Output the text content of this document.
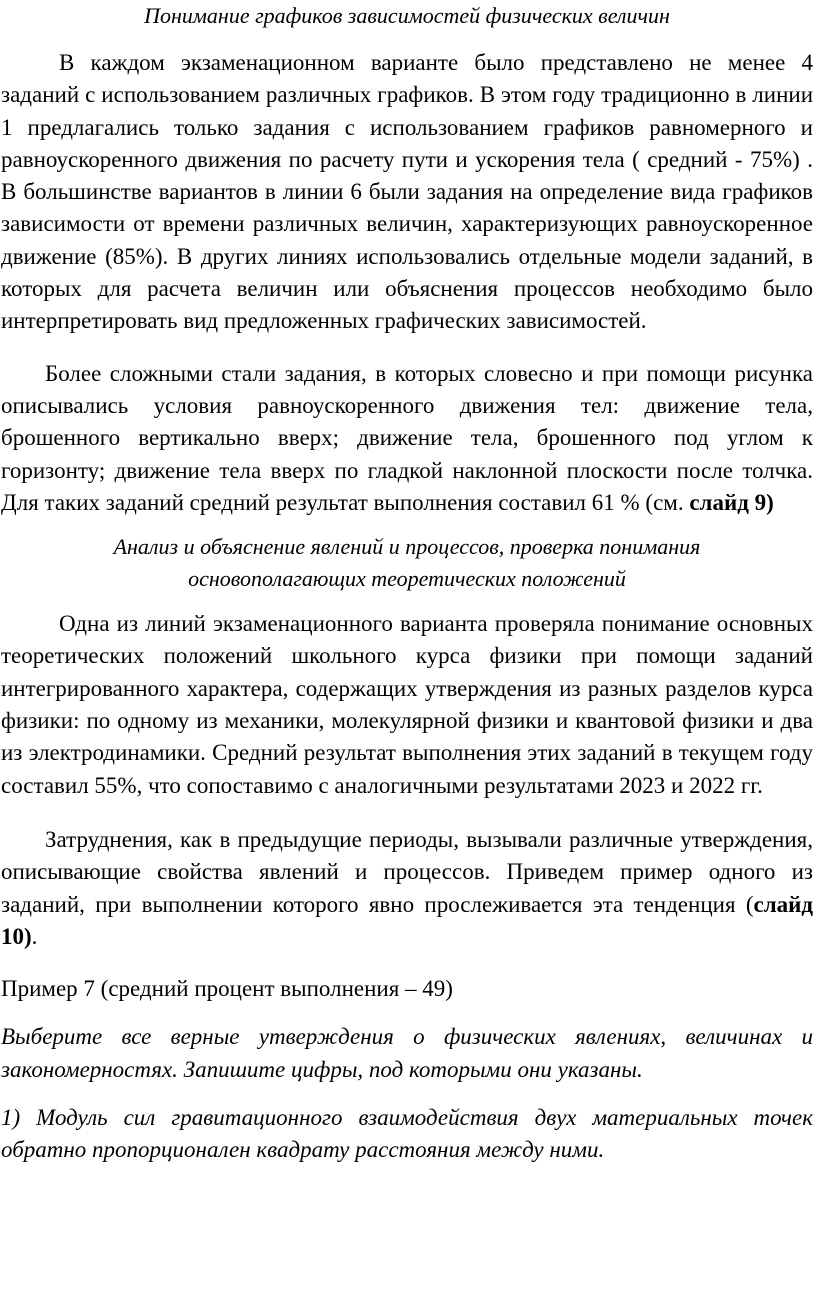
Понимание графиков зависимостей физических величин

В каждом экзаменационном варианте было представлено не менее 4 заданий с использованием различных графиков. В этом году традиционно в линии 1 предлагались только задания с использованием графиков равномерного и равноускоренного движения по расчету пути и ускорения тела ( средний - 75%) . В большинстве вариантов в линии 6 были задания на определение вида графиков зависимости от времени различных величин, характеризующих равноускоренное движение (85%). В других линиях использовались отдельные модели заданий, в которых для расчета величин или объяснения процессов необходимо было интерпретировать вид предложенных графических зависимостей.

Более сложными стали задания, в которых словесно и при помощи рисунка описывались условия равноускоренного движения тел: движение тела, брошенного вертикально вверх; движение тела, брошенного под углом к горизонту; движение тела вверх по гладкой наклонной плоскости после толчка. Для таких заданий средний результат выполнения составил 61 % (см. слайд 9)

Анализ и объяснение явлений и процессов, проверка понимания
основополагающих теоретических положений

Одна из линий экзаменационного варианта проверяла понимание основных теоретических положений школьного курса физики при помощи заданий интегрированного характера, содержащих утверждения из разных разделов курса физики: по одному из механики, молекулярной физики и квантовой физики и два из электродинамики. Средний результат выполнения этих заданий в текущем году составил 55%, что сопоставимо с аналогичными результатами 2023 и 2022 гг.

Затруднения, как в предыдущие периоды, вызывали различные утверждения, описывающие свойства явлений и процессов. Приведем пример одного из заданий, при выполнении которого явно прослеживается эта тенденция (слайд 10).

Пример 7 (средний процент выполнения – 49)

Выберите все верные утверждения о физических явлениях, величинах и закономерностях. Запишите цифры, под которыми они указаны.

1) Модуль сил гравитационного взаимодействия двух материальных точек обратно пропорционален квадрату расстояния между ними.
